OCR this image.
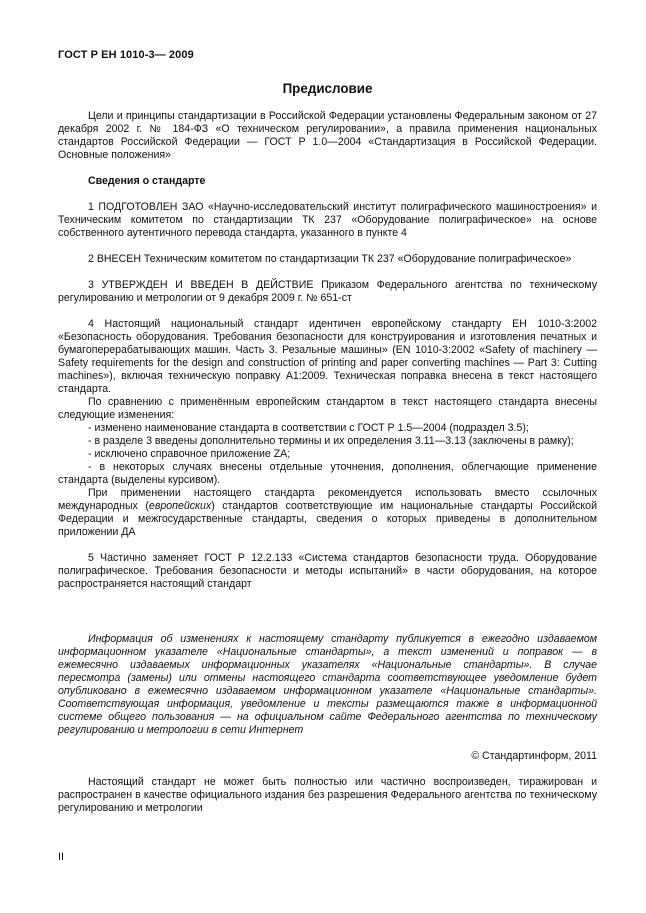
ГОСТ Р ЕН 1010-3— 2009
Предисловие

Цели и принципы стандартизации в Российской Федерации установлены Федеральным законом от 27 декабря 2002 г. № 184-ФЗ «О техническом регулировании», а правила применения национальных стандартов Российской Федерации — ГОСТ Р 1.0—2004 «Стандартизация в Российской Федерации. Основные положения»

Сведения о стандарте

1 ПОДГОТОВЛЕН ЗАО «Научно-исследовательский институт полиграфического машиностроения» и Техническим комитетом по стандартизации ТК 237 «Оборудование полиграфическое» на основе собственного аутентичного перевода стандарта, указанного в пункте 4

2 ВНЕСЕН Техническим комитетом по стандартизации ТК 237 «Оборудование полиграфическое»

3 УТВЕРЖДЕН И ВВЕДЕН В ДЕЙСТВИЕ Приказом Федерального агентства по техническому регулированию и метрологии от 9 декабря 2009 г. № 651-ст

4 Настоящий национальный стандарт идентичен европейскому стандарту ЕН 1010-3:2002 «Безопасность оборудования. Требования безопасности для конструирования и изготовления печатных и бумагоперерабатывающих машин. Часть 3. Резальные машины» (EN 1010-3:2002 «Safety of machinery — Safety requirements for the design and construction of printing and paper converting machines — Part 3: Cutting machines»), включая техническую поправку А1:2009. Техническая поправка внесена в текст настоящего стандарта.

По сравнению с применённым европейским стандартом в текст настоящего стандарта внесены следующие изменения:

- изменено наименование стандарта в соответствии с ГОСТ Р 1.5—2004 (подраздел 3.5);

- в разделе 3 введены дополнительно термины и их определения 3.11—3.13 (заключены в рамку);

- исключено справочное приложение ZA;

- в некоторых случаях внесены отдельные уточнения, дополнения, облегчающие применение стандарта (выделены курсивом).

При применении настоящего стандарта рекомендуется использовать вместо ссылочных международных (европейских) стандартов соответствующие им национальные стандарты Российской Федерации и межгосударственные стандарты, сведения о которых приведены в дополнительном приложении ДА

5 Частично заменяет ГОСТ Р 12.2.133 «Система стандартов безопасности труда. Оборудование полиграфическое. Требования безопасности и методы испытаний» в части оборудования, на которое распространяется настоящий стандарт

Информация об изменениях к настоящему стандарту публикуется в ежегодно издаваемом информационном указателе «Национальные стандарты», а текст изменений и поправок — в ежемесячно издаваемых информационных указателях «Национальные стандарты». В случае пересмотра (замены) или отмены настоящего стандарта соответствующее уведомление будет опубликовано в ежемесячно издаваемом информационном указателе «Национальные стандарты». Соответствующая информация, уведомление и тексты размещаются также в информационной системе общего пользования — на официальном сайте Федерального агентства по техническому регулированию и метрологии в сети Интернет

© Стандартинформ, 2011

Настоящий стандарт не может быть полностью или частично воспроизведен, тиражирован и распространен в качестве официального издания без разрешения Федерального агентства по техническому регулированию и метрологии

II
